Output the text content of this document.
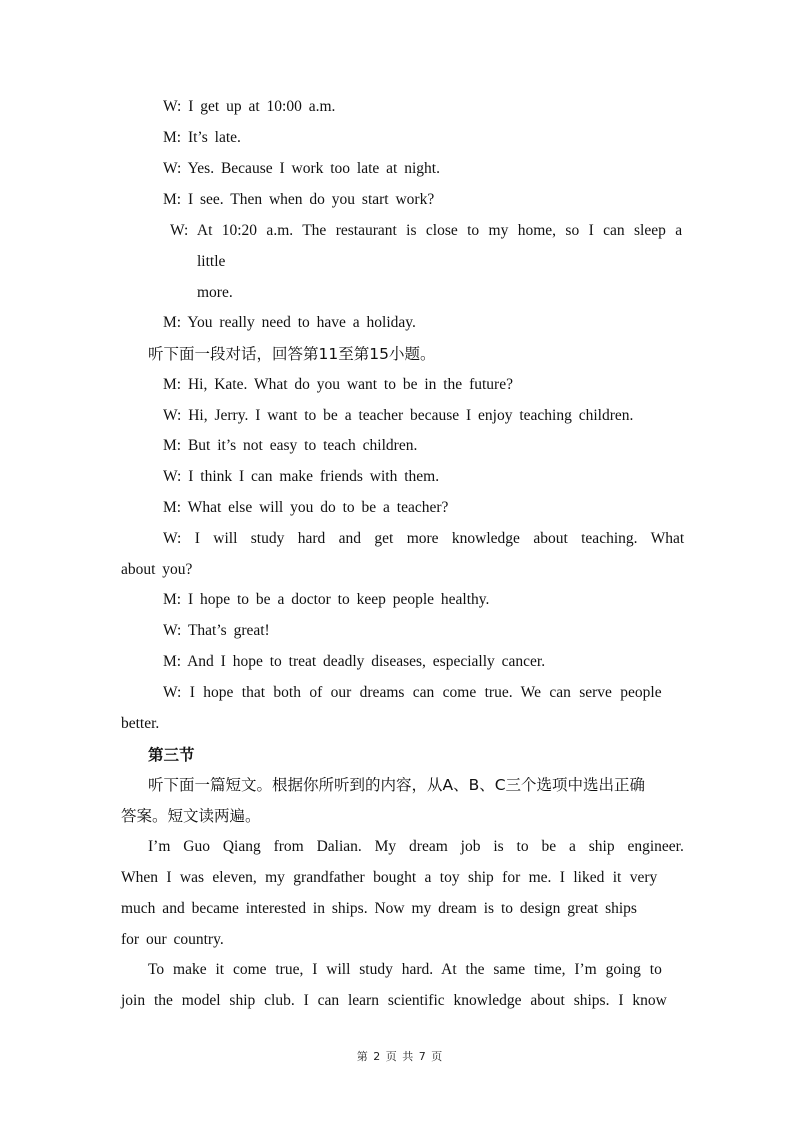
W: I get up at 10:00 a.m.
M: It’s late.
W: Yes. Because I work too late at night.
M: I see. Then when do you start work?
W: At 10:20 a.m. The restaurant is close to my home, so I can sleep a
little
more.
M: You really need to have a holiday.
听下面一段对话，回答第11至第15小题。
M: Hi, Kate. What do you want to be in the future?
W: Hi, Jerry. I want to be a teacher because I enjoy teaching children.
M: But it’s not easy to teach children.
W: I think I can make friends with them.
M: What else will you do to be a teacher?
W: I will study hard and get more knowledge about teaching. What
about you?
M: I hope to be a doctor to keep people healthy.
W: That’s great!
M: And I hope to treat deadly diseases, especially cancer.
W: I hope that both of our dreams can come true. We can serve people
better.
第三节
听下面一篇短文。根据你所听到的内容，从A、B、C三个选项中选出正确
答案。短文读两遍。
I’m Guo Qiang from Dalian. My dream job is to be a ship engineer.
When I was eleven, my grandfather bought a toy ship for me. I liked it very
much and became interested in ships. Now my dream is to design great ships
for our country.
To make it come true, I will study hard. At the same time, I’m going to
join the model ship club. I can learn scientific knowledge about ships. I know
第 2 页 共 7 页
